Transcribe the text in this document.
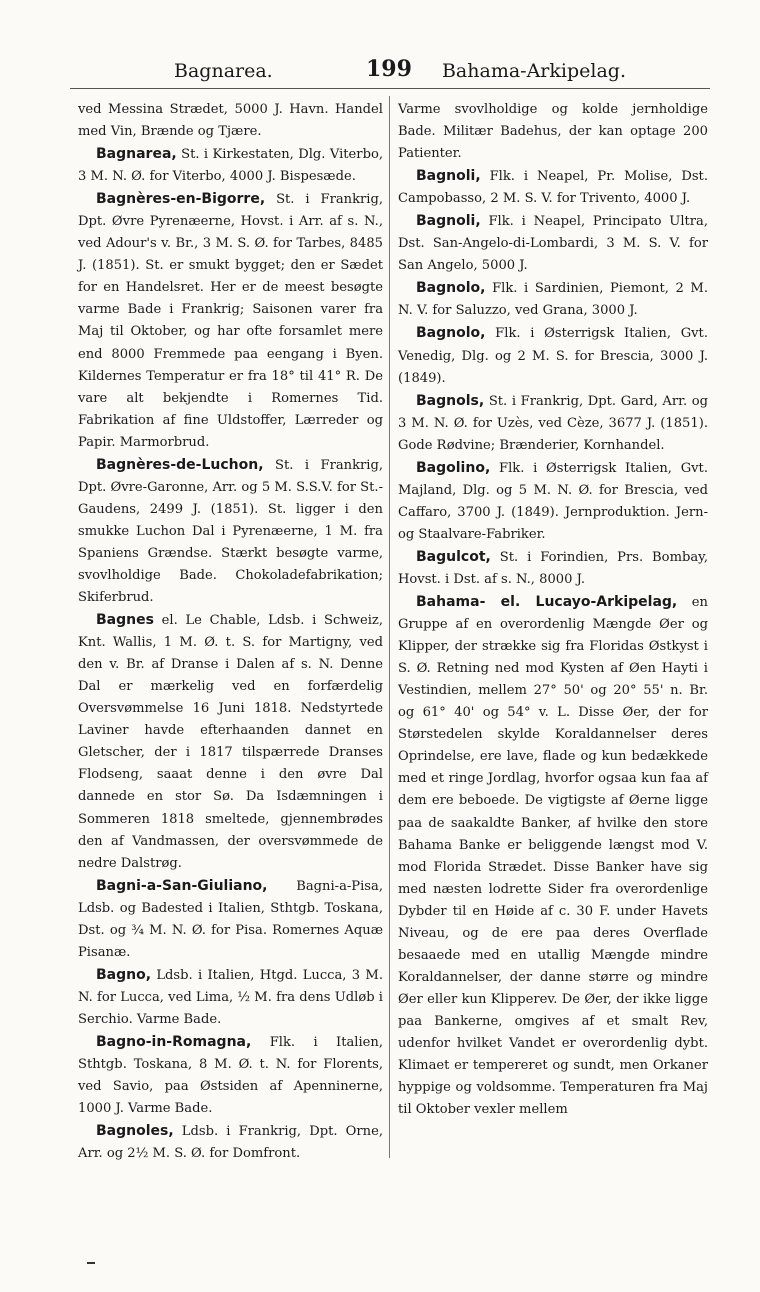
Bagnarea.	199 Bahama-Arkipelag.

ved Messina Strædet, 5000 J. Havn. Handel med Vin, Brænde og Tjære.

Bagnarea, St. i Kirkestaten, Dlg. Viterbo, 3 M. N. Ø. for Viterbo, 4000 J. Bispesæde.

Bagnères-en-Bigorre, St. i Frankrig, Dpt. Øvre Pyrenæerne, Hovst. i Arr. af s. N., ved Adour's v. Br., 3 M. S. Ø. for Tarbes, 8485 J. (1851). St. er smukt bygget; den er Sædet for en Handelsret. Her er de meest besøgte varme Bade i Frankrig; Saisonen varer fra Maj til Oktober, og har ofte forsamlet mere end 8000 Fremmede paa eengang i Byen. Kildernes Temperatur er fra 18° til 41° R. De vare alt bekjendte i Romernes Tid. Fabrikation af fine Uldstoffer, Lærreder og Papir. Marmorbrud.

Bagnères-de-Luchon, St. i Frankrig, Dpt. Øvre-Garonne, Arr. og 5 M. S.S.V. for St.-Gaudens, 2499 J. (1851). St. ligger i den smukke Luchon Dal i Pyrenæerne, 1 M. fra Spaniens Grændse. Stærkt besøgte varme, svovlholdige Bade. Chokoladefabrikation; Skiferbrud.

Bagnes el. Le Chable, Ldsb. i Schweiz, Knt. Wallis, 1 M. Ø. t. S. for Martigny, ved den v. Br. af Dranse i Dalen af s. N. Denne Dal er mærkelig ved en forfærdelig Oversvømmelse 16 Juni 1818. Nedstyrtede Laviner havde efterhaanden dannet en Gletscher, der i 1817 tilspærrede Dranses Flodseng, saaat denne i den øvre Dal dannede en stor Sø. Da Isdæmningen i Sommeren 1818 smeltede, gjennembrødes den af Vandmassen, der oversvømmede de nedre Dalstrøg.

Bagni-a-San-Giuliano, Bagni-a-Pisa, Ldsb. og Badested i Italien, Sthtgb. Toskana, Dst. og ¾ M. N. Ø. for Pisa. Romernes Aquæ Pisanæ.

Bagno, Ldsb. i Italien, Htgd. Lucca, 3 M. N. for Lucca, ved Lima, ½ M. fra dens Udløb i Serchio. Varme Bade.

Bagno-in-Romagna, Flk. i Italien, Sthtgb. Toskana, 8 M. Ø. t. N. for Florents, ved Savio, paa Østsiden af Apenninerne, 1000 J. Varme Bade.

Bagnoles, Ldsb. i Frankrig, Dpt. Orne, Arr. og 2½ M. S. Ø. for Domfront.

Varme svovlholdige og kolde jernholdige Bade. Militær Badehus, der kan optage 200 Patienter.

Bagnoli, Flk. i Neapel, Pr. Molise, Dst. Campobasso, 2 M. S. V. for Trivento, 4000 J.

Bagnoli, Flk. i Neapel, Principato Ultra, Dst. San-Angelo-di-Lombardi, 3 M. S. V. for San Angelo, 5000 J.

Bagnolo, Flk. i Sardinien, Piemont, 2 M. N. V. for Saluzzo, ved Grana, 3000 J.

Bagnolo, Flk. i Østerrigsk Italien, Gvt. Venedig, Dlg. og 2 M. S. for Brescia, 3000 J. (1849).

Bagnols, St. i Frankrig, Dpt. Gard, Arr. og 3 M. N. Ø. for Uzès, ved Cèze, 3677 J. (1851). Gode Rødvine; Brænderier, Kornhandel.

Bagolino, Flk. i Østerrigsk Italien, Gvt. Majland, Dlg. og 5 M. N. Ø. for Brescia, ved Caffaro, 3700 J. (1849). Jernproduktion. Jern- og Staalvare-Fabriker.

Bagulcot, St. i Forindien, Prs. Bombay, Hovst. i Dst. af s. N., 8000 J.

Bahama- el. Lucayo-Arkipelag, en Gruppe af en overordenlig Mængde Øer og Klipper, der strække sig fra Floridas Østkyst i S. Ø. Retning ned mod Kysten af Øen Hayti i Vestindien, mellem 27° 50' og 20° 55' n. Br. og 61° 40' og 54° v. L. Disse Øer, der for Størstedelen skylde Koraldannelser deres Oprindelse, ere lave, flade og kun bedækkede med et ringe Jordlag, hvorfor ogsaa kun faa af dem ere beboede. De vigtigste af Øerne ligge paa de saakaldte Banker, af hvilke den store Bahama Banke er beliggende længst mod V. mod Florida Strædet. Disse Banker have sig med næsten lodrette Sider fra overordenlige Dybder til en Høide af c. 30 F. under Havets Niveau, og de ere paa deres Overflade besaaede med en utallig Mængde mindre Koraldannelser, der danne større og mindre Øer eller kun Klipperev. De Øer, der ikke ligge paa Bankerne, omgives af et smalt Rev, udenfor hvilket Vandet er overordenlig dybt. Klimaet er tempereret og sundt, men Orkaner hyppige og voldsomme. Temperaturen fra Maj til Oktober vexler mellem
